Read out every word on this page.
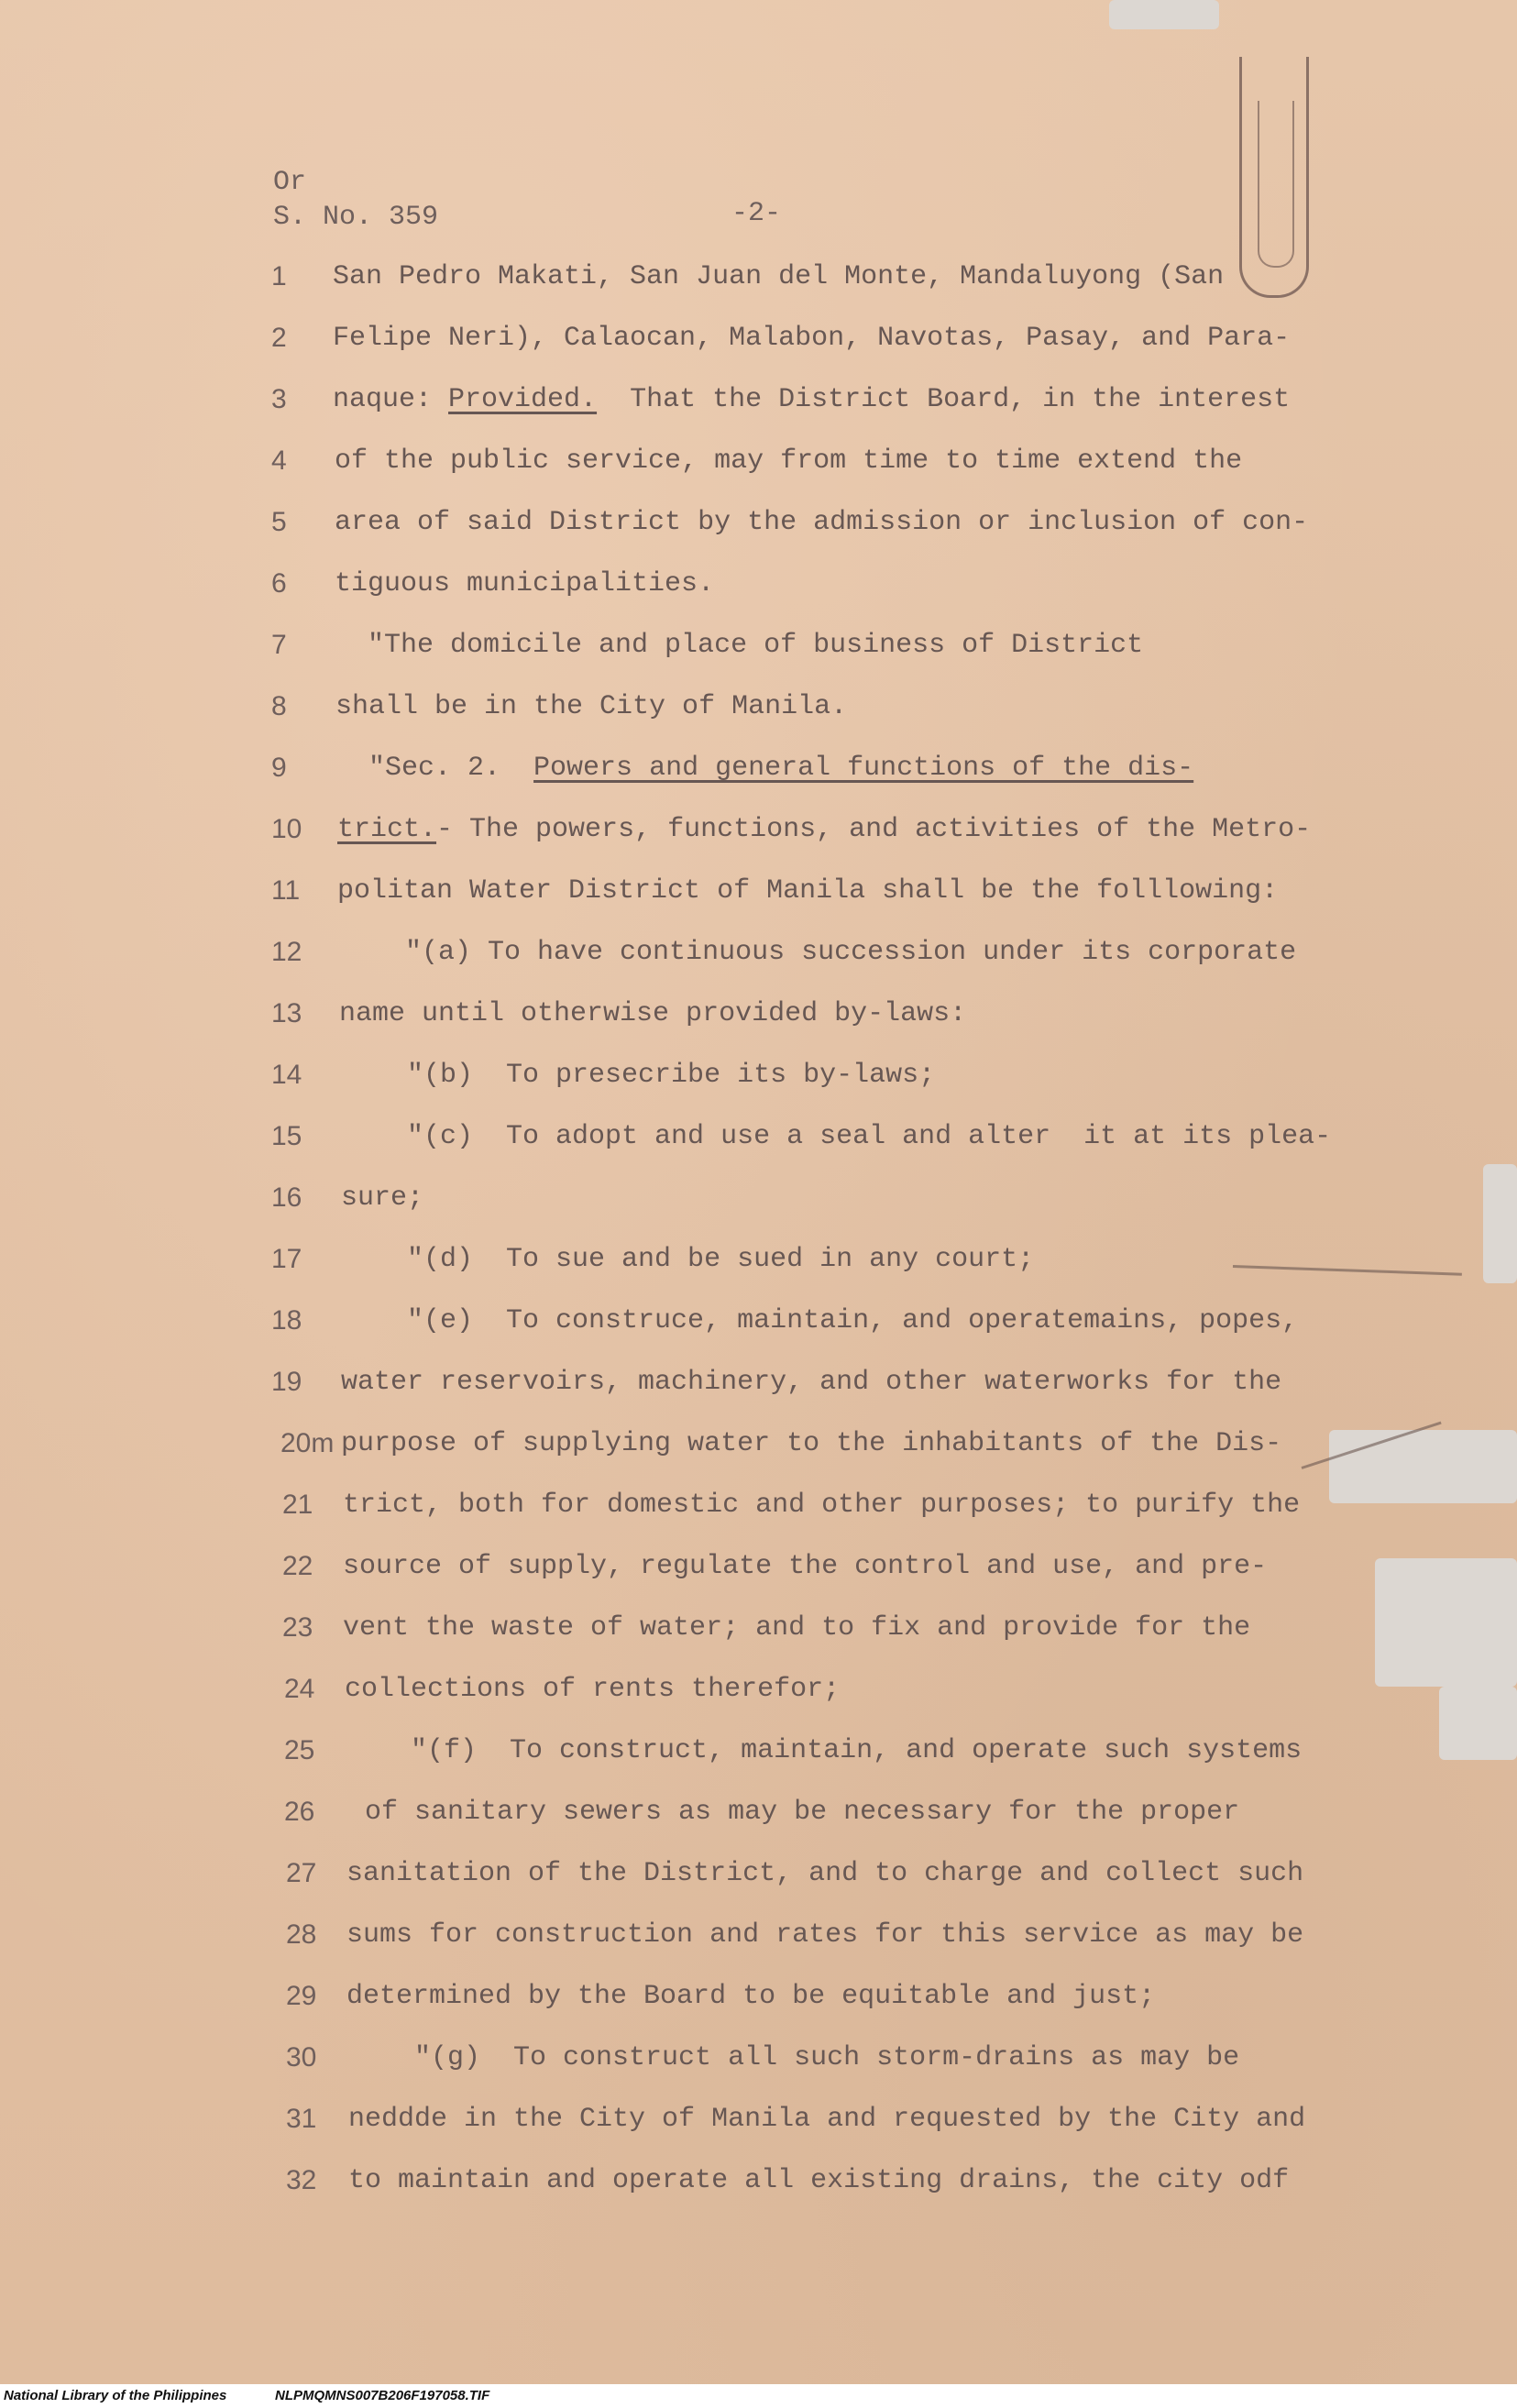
Or
S. No. 359	-2-
1 San Pedro Makati, San Juan del Monte, Mandaluyong (San
2 Felipe Neri), Calaocan, Malabon, Navotas, Pasay, and Para-
3 naque: Provided.  That the District Board, in the interest
4 of the public service, may from time to time extend the
5 area of said District by the admission or inclusion of con-
6 tiguous municipalities.
7 "The domicile and place of business of District
8 shall be in the City of Manila.
9 "Sec. 2.  Powers and general functions of the dis-
10 trict.- The powers, functions, and activities of the Metro-
11 politan Water District of Manila shall be the folllowing:
12 "(a) To have continuous succession under its corporate
13 name until otherwise provided by-laws:
14 "(b)  To presecribe its by-laws;
15 "(c)  To adopt and use a seal and alter  it at its plea-
16 sure;
17 "(d)  To sue and be sued in any court;
18 "(e)  To construce, maintain, and operatemains, popes,
19 water reservoirs, machinery, and other waterworks for the
20m purpose of supplying water to the inhabitants of the Dis-
21 trict, both for domestic and other purposes; to purify the
22 source of supply, regulate the control and use, and pre-
23 vent the waste of water; and to fix and provide for the
24 collections of rents therefor;
25 "(f)  To construct, maintain, and operate such systems
26 of sanitary sewers as may be necessary for the proper
27 sanitation of the District, and to charge and collect such
28 sums for construction and rates for this service as may be
29 determined by the Board to be equitable and just;
30 "(g)  To construct all such storm-drains as may be
31 neddde in the City of Manila and requested by the City and
32 to maintain and operate all existing drains, the city odf
National Library of the Philippines	NLPMQMNS007B206F197058.TIF
